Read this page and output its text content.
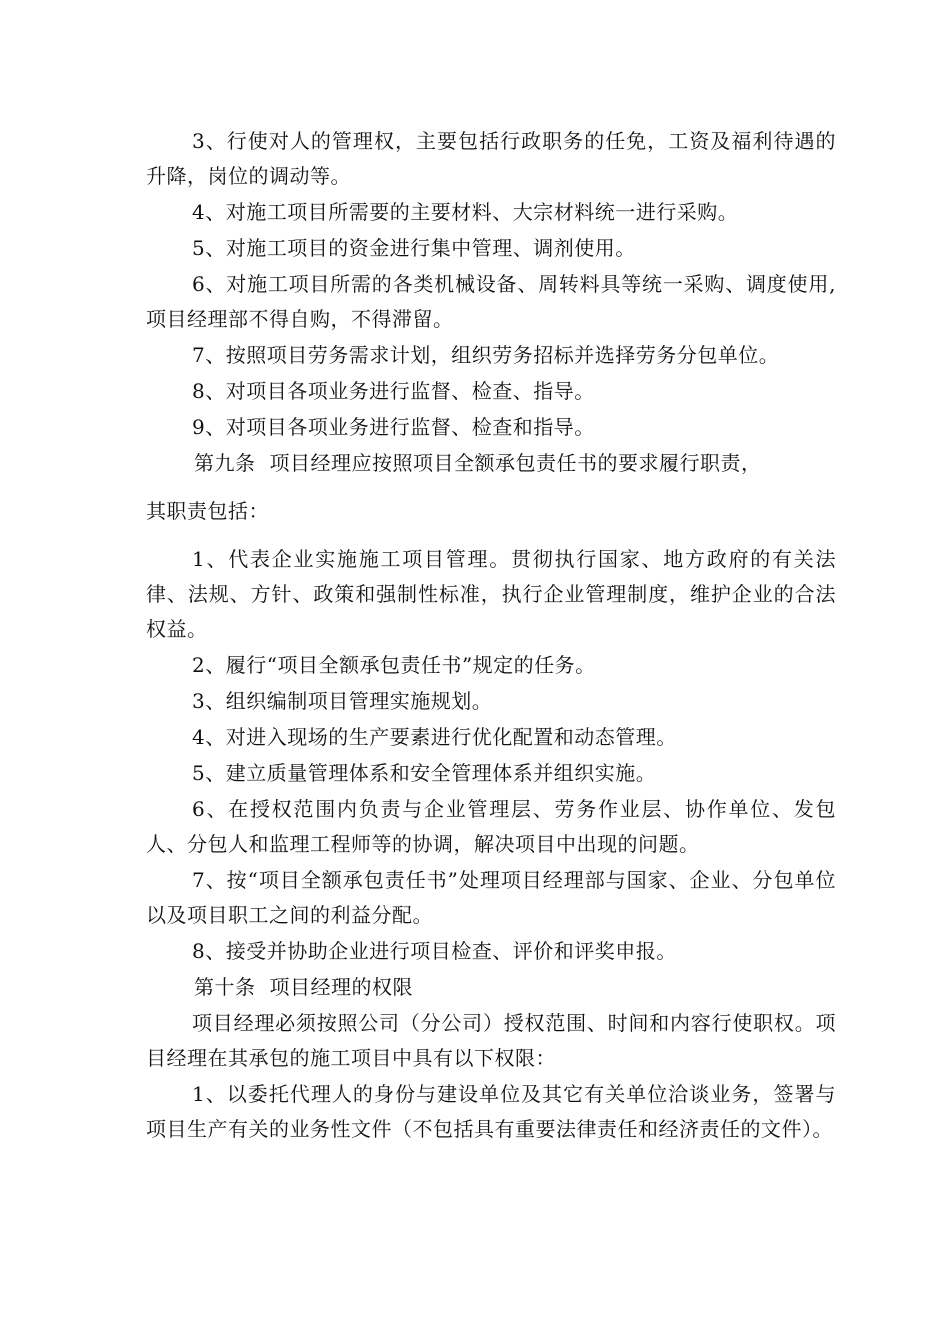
3、行使对人的管理权，主要包括行政职务的任免，工资及福利待遇的升降，岗位的调动等。

4、对施工项目所需要的主要材料、大宗材料统一进行采购。

5、对施工项目的资金进行集中管理、调剂使用。

6、对施工项目所需的各类机械设备、周转料具等统一采购、调度使用,项目经理部不得自购，不得滞留。

7、按照项目劳务需求计划，组织劳务招标并选择劳务分包单位。

8、对项目各项业务进行监督、检查、指导。

9、对项目各项业务进行监督、检查和指导。

第九条 项目经理应按照项目全额承包责任书的要求履行职责，

其职责包括：

1、代表企业实施施工项目管理。贯彻执行国家、地方政府的有关法律、法规、方针、政策和强制性标准，执行企业管理制度，维护企业的合法权益。

2、履行“项目全额承包责任书”规定的任务。

3、组织编制项目管理实施规划。

4、对进入现场的生产要素进行优化配置和动态管理。

5、建立质量管理体系和安全管理体系并组织实施。

6、在授权范围内负责与企业管理层、劳务作业层、协作单位、发包人、分包人和监理工程师等的协调，解决项目中出现的问题。

7、按“项目全额承包责任书”处理项目经理部与国家、企业、分包单位以及项目职工之间的利益分配。

8、接受并协助企业进行项目检查、评价和评奖申报。

第十条 项目经理的权限

项目经理必须按照公司（分公司）授权范围、时间和内容行使职权。项目经理在其承包的施工项目中具有以下权限：

1、以委托代理人的身份与建设单位及其它有关单位洽谈业务，签署与项目生产有关的业务性文件（不包括具有重要法律责任和经济责任的文件）。
